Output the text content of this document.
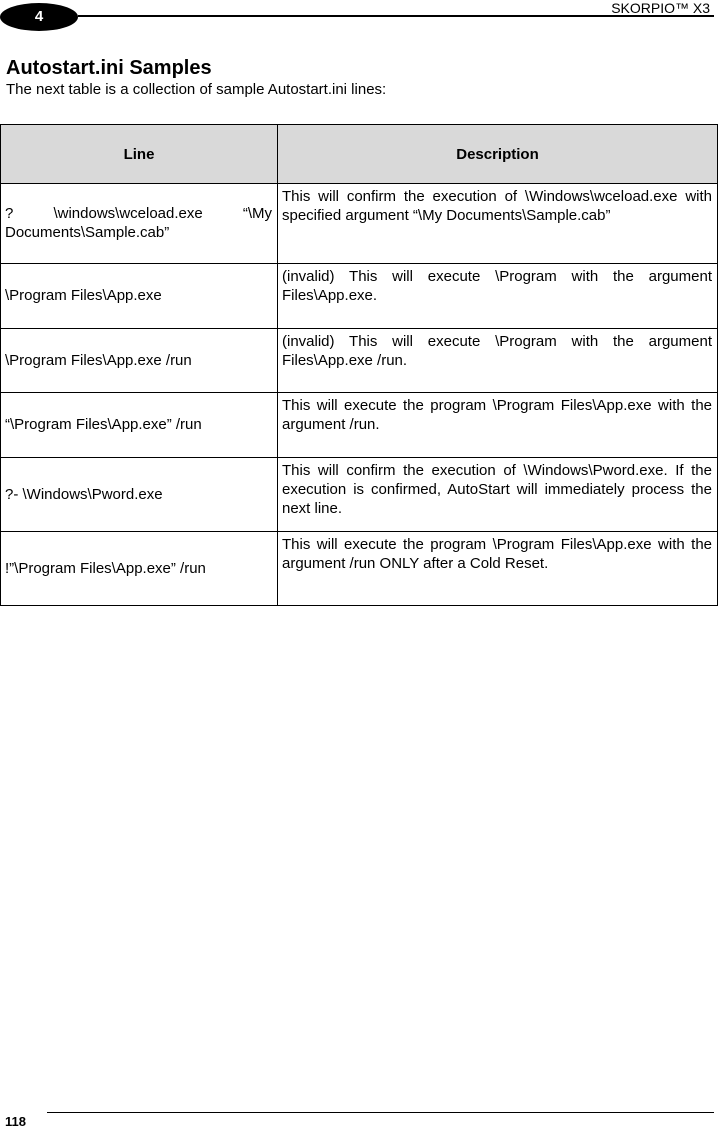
4	SKORPIO™ X3
Autostart.ini Samples

The next table is a collection of sample Autostart.ini lines:

Line	Description
? \windows\wceload.exe “\My Documents\Sample.cab”	This will confirm the execution of \Windows\wceload.exe with specified argument “\My Documents\Sample.cab”
\Program Files\App.exe	(invalid) This will execute \Program with the argument Files\App.exe.
\Program Files\App.exe /run	(invalid) This will execute \Program with the argument Files\App.exe /run.
“\Program Files\App.exe” /run	This will execute the program \Program Files\App.exe with the argument /run.
?- \Windows\Pword.exe	This will confirm the execution of \Windows\Pword.exe. If the execution is confirmed, AutoStart will immediately process the next line.
!”\Program Files\App.exe” /run	This will execute the program \Program Files\App.exe with the argument /run ONLY after a Cold Reset.
118
